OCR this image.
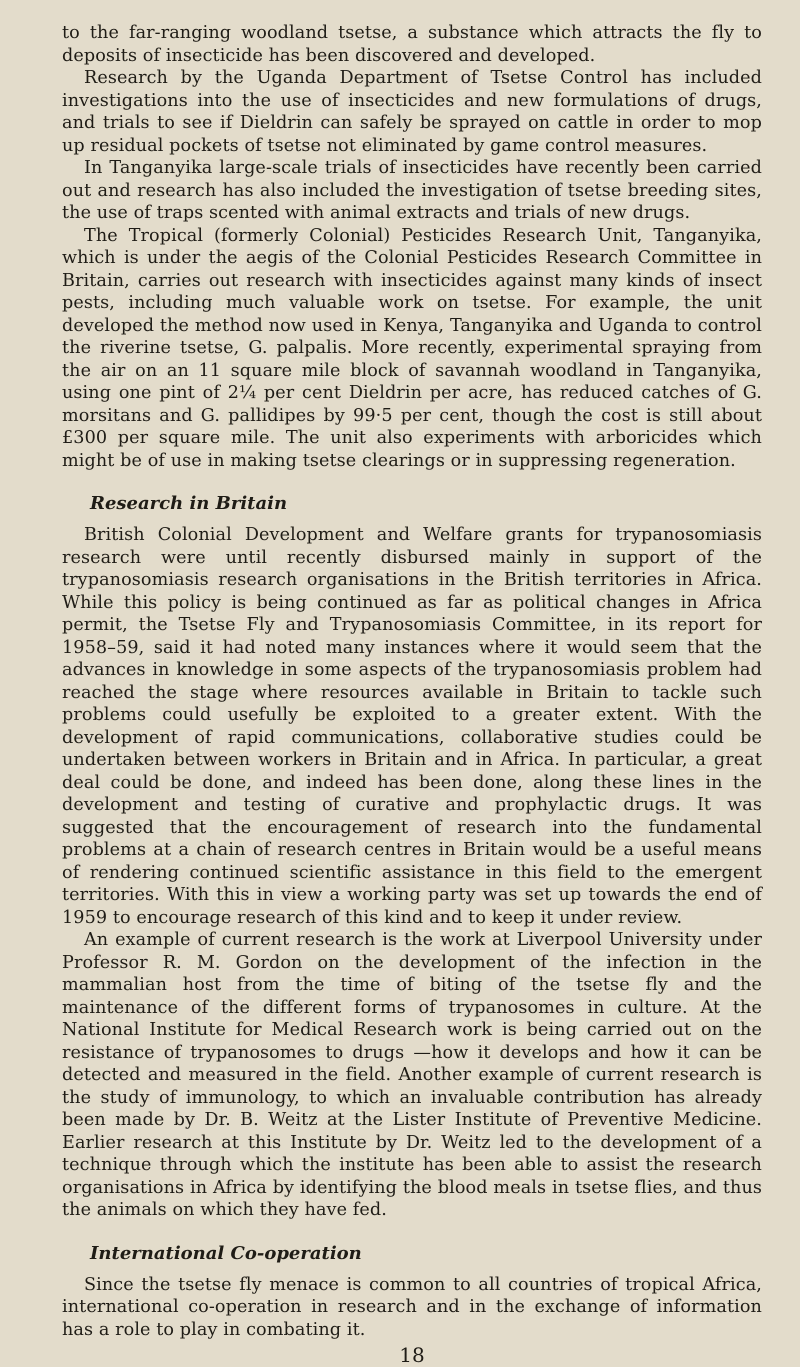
to the far-ranging woodland tsetse, a substance which attracts the fly to deposits of insecticide has been discovered and developed.

Research by the Uganda Department of Tsetse Control has included investigations into the use of insecticides and new formulations of drugs, and trials to see if Dieldrin can safely be sprayed on cattle in order to mop up residual pockets of tsetse not eliminated by game control measures.

In Tanganyika large-scale trials of insecticides have recently been carried out and research has also included the investigation of tsetse breeding sites, the use of traps scented with animal extracts and trials of new drugs.

The Tropical (formerly Colonial) Pesticides Research Unit, Tanganyika, which is under the aegis of the Colonial Pesticides Research Committee in Britain, carries out research with insecticides against many kinds of insect pests, including much valuable work on tsetse. For example, the unit developed the method now used in Kenya, Tanganyika and Uganda to control the riverine tsetse, G. palpalis. More recently, experimental spraying from the air on an 11 square mile block of savannah woodland in Tanganyika, using one pint of 2¼ per cent Dieldrin per acre, has reduced catches of G. morsitans and G. pallidipes by 99·5 per cent, though the cost is still about £300 per square mile. The unit also experiments with arboricides which might be of use in making tsetse clearings or in suppressing regeneration.

Research in Britain

British Colonial Development and Welfare grants for trypanosomiasis research were until recently disbursed mainly in support of the trypanosomiasis research organisations in the British territories in Africa. While this policy is being continued as far as political changes in Africa permit, the Tsetse Fly and Trypanosomiasis Committee, in its report for 1958–59, said it had noted many instances where it would seem that the advances in knowledge in some aspects of the trypanosomiasis problem had reached the stage where resources available in Britain to tackle such problems could usefully be exploited to a greater extent. With the development of rapid communications, collaborative studies could be undertaken between workers in Britain and in Africa. In particular, a great deal could be done, and indeed has been done, along these lines in the development and testing of curative and prophylactic drugs. It was suggested that the encouragement of research into the fundamental problems at a chain of research centres in Britain would be a useful means of rendering continued scientific assistance in this field to the emergent territories. With this in view a working party was set up towards the end of 1959 to encourage research of this kind and to keep it under review.

An example of current research is the work at Liverpool University under Professor R. M. Gordon on the development of the infection in the mammalian host from the time of biting of the tsetse fly and the maintenance of the different forms of trypanosomes in culture. At the National Institute for Medical Research work is being carried out on the resistance of trypanosomes to drugs —how it develops and how it can be detected and measured in the field. Another example of current research is the study of immunology, to which an invaluable contribution has already been made by Dr. B. Weitz at the Lister Institute of Preventive Medicine. Earlier research at this Institute by Dr. Weitz led to the development of a technique through which the institute has been able to assist the research organisations in Africa by identifying the blood meals in tsetse flies, and thus the animals on which they have fed.

International Co-operation

Since the tsetse fly menace is common to all countries of tropical Africa, international co-operation in research and in the exchange of information has a role to play in combating it.

18
